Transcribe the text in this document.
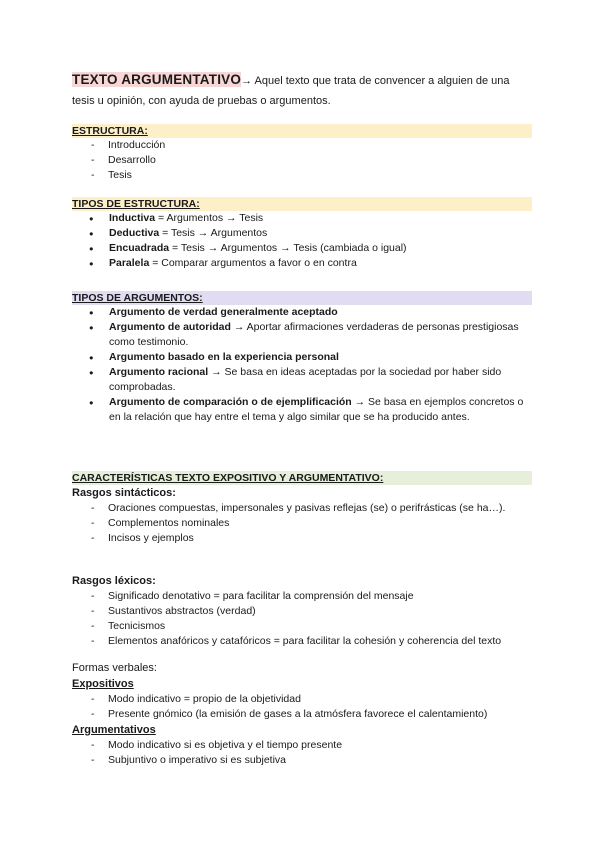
TEXTO ARGUMENTATIVO→ Aquel texto que trata de convencer a alguien de una tesis u opinión, con ayuda de pruebas o argumentos.
ESTRUCTURA:
- Introducción
- Desarrollo
- Tesis
TIPOS DE ESTRUCTURA:
● Inductiva = Argumentos → Tesis
● Deductiva = Tesis → Argumentos
● Encuadrada = Tesis → Argumentos → Tesis (cambiada o igual)
● Paralela = Comparar argumentos a favor o en contra
TIPOS DE ARGUMENTOS:
● Argumento de verdad generalmente aceptado
● Argumento de autoridad → Aportar afirmaciones verdaderas de personas prestigiosas como testimonio.
● Argumento basado en la experiencia personal
● Argumento racional → Se basa en ideas aceptadas por la sociedad por haber sido comprobadas.
● Argumento de comparación o de ejemplificación → Se basa en ejemplos concretos o en la relación que hay entre el tema y algo similar que se ha producido antes.
CARACTERÍSTICAS TEXTO EXPOSITIVO Y ARGUMENTATIVO:
Rasgos sintácticos:
- Oraciones compuestas, impersonales y pasivas reflejas (se) o perifrásticas (se ha…).
- Complementos nominales
- Incisos y ejemplos
Rasgos léxicos:
- Significado denotativo = para facilitar la comprensión del mensaje
- Sustantivos abstractos (verdad)
- Tecnicismos
- Elementos anafóricos y catafóricos = para facilitar la cohesión y coherencia del texto
Formas verbales:
Expositivos
- Modo indicativo = propio de la objetividad
- Presente gnómico (la emisión de gases a la atmósfera favorece el calentamiento)
Argumentativos
- Modo indicativo si es objetiva y el tiempo presente
- Subjuntivo o imperativo si es subjetiva
